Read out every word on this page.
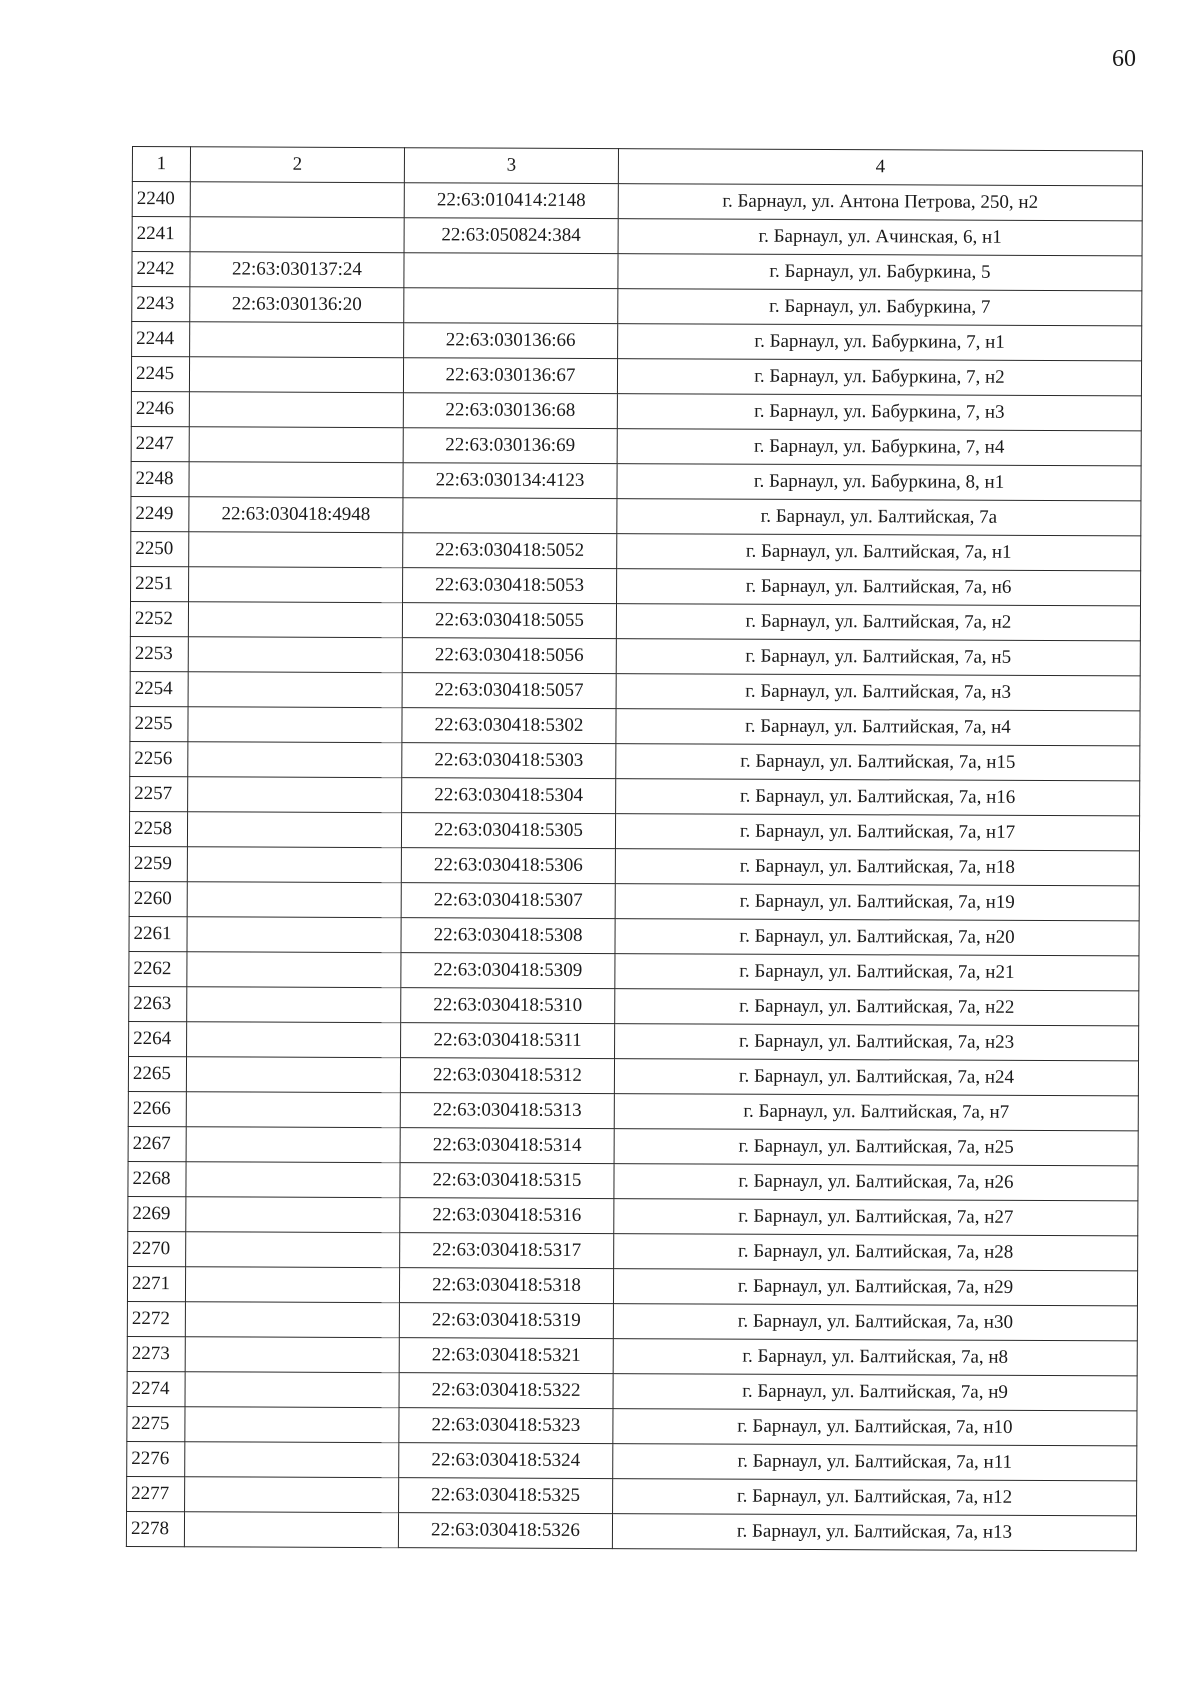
60
1	2	3	4
2240		22:63:010414:2148	г. Барнаул, ул. Антона Петрова, 250, н2
2241		22:63:050824:384	г. Барнаул, ул. Ачинская, 6, н1
2242	22:63:030137:24		г. Барнаул, ул. Бабуркина, 5
2243	22:63:030136:20		г. Барнаул, ул. Бабуркина, 7
2244		22:63:030136:66	г. Барнаул, ул. Бабуркина, 7, н1
2245		22:63:030136:67	г. Барнаул, ул. Бабуркина, 7, н2
2246		22:63:030136:68	г. Барнаул, ул. Бабуркина, 7, н3
2247		22:63:030136:69	г. Барнаул, ул. Бабуркина, 7, н4
2248		22:63:030134:4123	г. Барнаул, ул. Бабуркина, 8, н1
2249	22:63:030418:4948		г. Барнаул, ул. Балтийская, 7а
2250		22:63:030418:5052	г. Барнаул, ул. Балтийская, 7а, н1
2251		22:63:030418:5053	г. Барнаул, ул. Балтийская, 7а, н6
2252		22:63:030418:5055	г. Барнаул, ул. Балтийская, 7а, н2
2253		22:63:030418:5056	г. Барнаул, ул. Балтийская, 7а, н5
2254		22:63:030418:5057	г. Барнаул, ул. Балтийская, 7а, н3
2255		22:63:030418:5302	г. Барнаул, ул. Балтийская, 7а, н4
2256		22:63:030418:5303	г. Барнаул, ул. Балтийская, 7а, н15
2257		22:63:030418:5304	г. Барнаул, ул. Балтийская, 7а, н16
2258		22:63:030418:5305	г. Барнаул, ул. Балтийская, 7а, н17
2259		22:63:030418:5306	г. Барнаул, ул. Балтийская, 7а, н18
2260		22:63:030418:5307	г. Барнаул, ул. Балтийская, 7а, н19
2261		22:63:030418:5308	г. Барнаул, ул. Балтийская, 7а, н20
2262		22:63:030418:5309	г. Барнаул, ул. Балтийская, 7а, н21
2263		22:63:030418:5310	г. Барнаул, ул. Балтийская, 7а, н22
2264		22:63:030418:5311	г. Барнаул, ул. Балтийская, 7а, н23
2265		22:63:030418:5312	г. Барнаул, ул. Балтийская, 7а, н24
2266		22:63:030418:5313	г. Барнаул, ул. Балтийская, 7а, н7
2267		22:63:030418:5314	г. Барнаул, ул. Балтийская, 7а, н25
2268		22:63:030418:5315	г. Барнаул, ул. Балтийская, 7а, н26
2269		22:63:030418:5316	г. Барнаул, ул. Балтийская, 7а, н27
2270		22:63:030418:5317	г. Барнаул, ул. Балтийская, 7а, н28
2271		22:63:030418:5318	г. Барнаул, ул. Балтийская, 7а, н29
2272		22:63:030418:5319	г. Барнаул, ул. Балтийская, 7а, н30
2273		22:63:030418:5321	г. Барнаул, ул. Балтийская, 7а, н8
2274		22:63:030418:5322	г. Барнаул, ул. Балтийская, 7а, н9
2275		22:63:030418:5323	г. Барнаул, ул. Балтийская, 7а, н10
2276		22:63:030418:5324	г. Барнаул, ул. Балтийская, 7а, н11
2277		22:63:030418:5325	г. Барнаул, ул. Балтийская, 7а, н12
2278		22:63:030418:5326	г. Барнаул, ул. Балтийская, 7а, н13
